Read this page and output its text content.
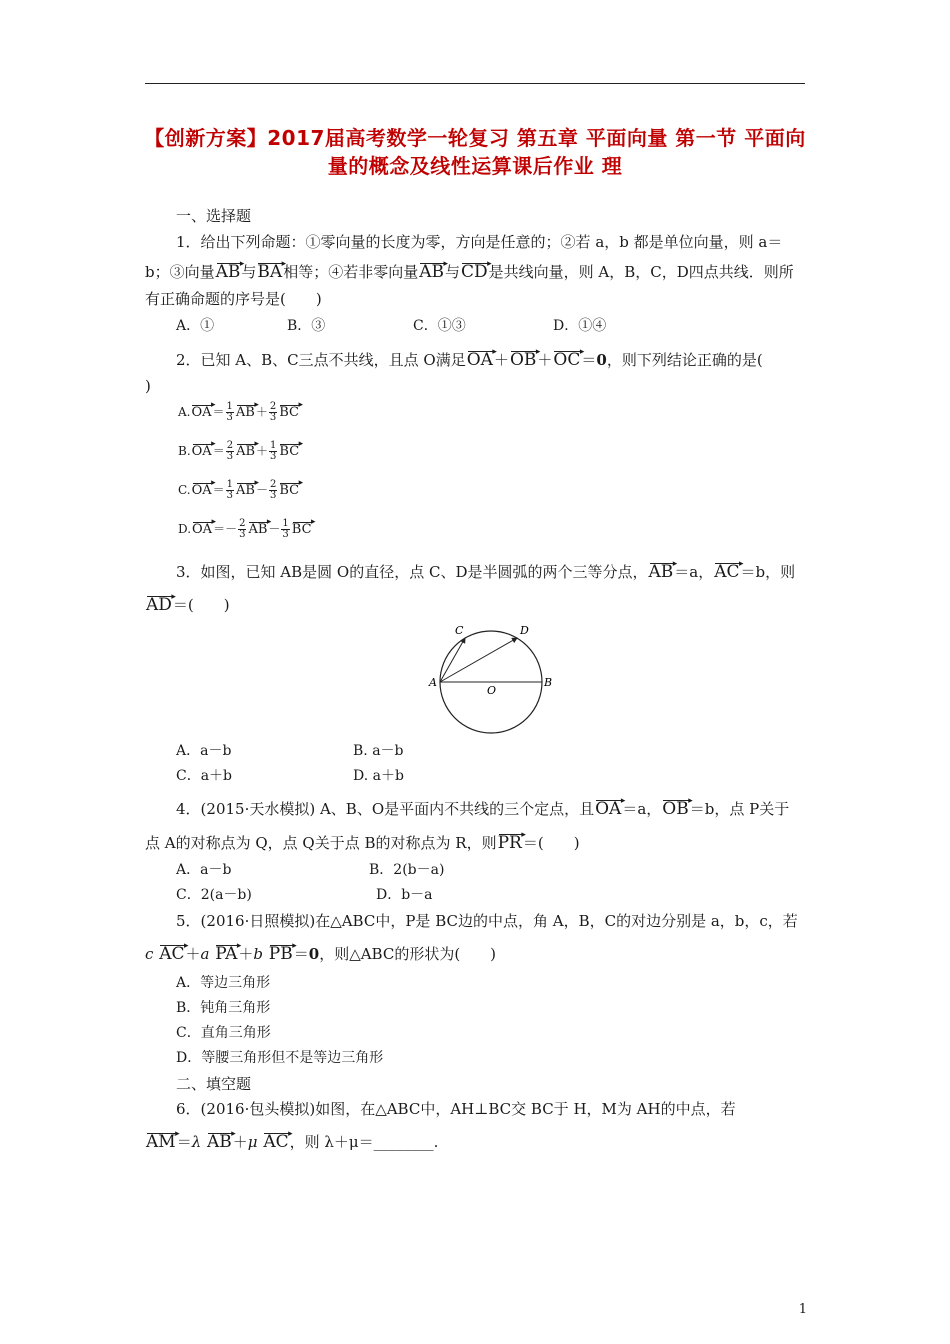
【创新方案】2017届高考数学一轮复习 第五章 平面向量 第一节 平面向量的概念及线性运算课后作业 理
一、选择题
1．给出下列命题：①零向量的长度为零，方向是任意的；②若 a，b 都是单位向量，则 a＝
b；③向量AB ▸与BA ▸相等；④若非零向量AB ▸与CD ▸是共线向量，则 A，B，C，D四点共线．则所
有正确命题的序号是(　　)
A．①	B．③	C．①③	D．①④
2．已知 A、B、C三点不共线，且点 O满足OA ▸＋OB ▸＋OC ▸＝0，则下列结论正确的是(
)
A.OA ▸＝ $\frac{1}{3}$ AB ▸＋ $\frac{2}{3}$ BC ▸
B.OA ▸＝ $\frac{2}{3}$ AB ▸＋ $\frac{1}{3}$ BC ▸
C.OA ▸＝ $\frac{1}{3}$ AB ▸－ $\frac{2}{3}$ BC ▸
D.OA ▸＝－ $\frac{2}{3}$ AB ▸－ $\frac{1}{3}$ BC ▸
3．如图，已知 AB是圆 O的直径，点 C、D是半圆弧的两个三等分点，AB ▸＝a，AC ▸＝b，则
AD ▸＝(　　)
C	D
A
O
B
A．a－b	B. a－b
C．a＋b	D. a＋b
4．(2015·天水模拟) A、B、O是平面内不共线的三个定点，且OA ▸＝a，OB ▸＝b，点 P关于
点 A的对称点为 Q，点 Q关于点 B的对称点为 R，则PR ▸＝(　　)
A．a－b	B．2(b－a)
C．2(a－b)	D．b－a
5．(2016·日照模拟)在△ABC中，P是 BC边的中点，角 A，B，C的对边分别是 a，b，c，若
c AC ▸＋a PA ▸＋b PB ▸＝0，则△ABC的形状为(　　)
A．等边三角形
B．钝角三角形
C．直角三角形
D．等腰三角形但不是等边三角形
二、填空题
6．(2016·包头模拟)如图，在△ABC中，AH⊥BC交 BC于 H，M为 AH的中点，若
AM ▸＝λ AB ▸＋μ AC ▸，则 λ＋μ＝________.
1
